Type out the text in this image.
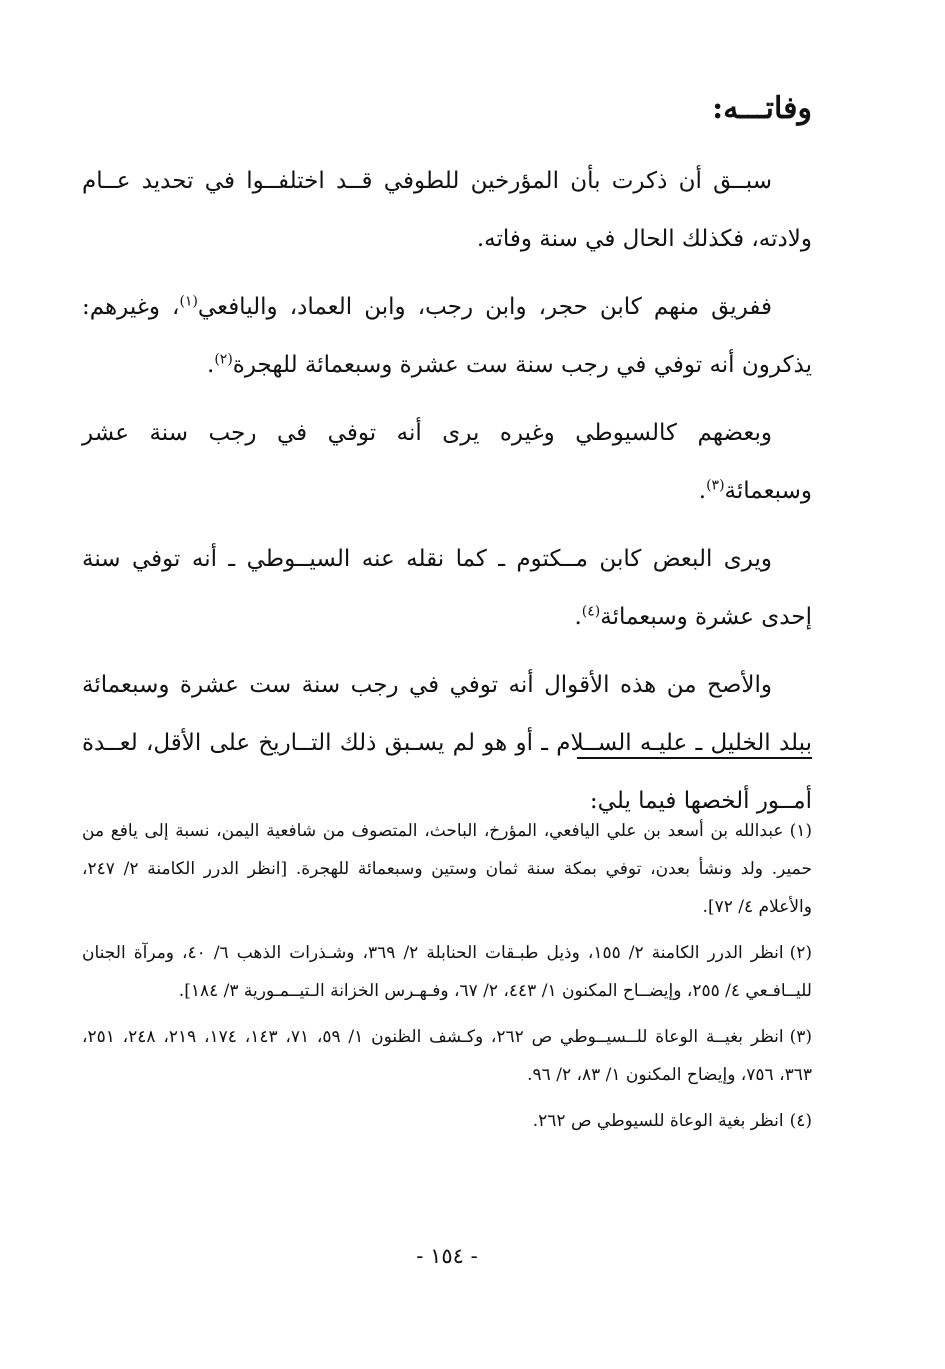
وفاتـــه:

سبــق أن ذكرت بأن المؤرخين للطوفي قــد اختلفــوا في تحديد عــام ولادته، فكذلك الحال في سنة وفاته.

ففريق منهم كابن حجر، وابن رجب، وابن العماد، واليافعي$^{(١)}$، وغيرهم: يذكرون أنه توفي في رجب سنة ست عشرة وسبعمائة للهجرة$^{(٢)}$.

وبعضهم كالسيوطي وغيره يرى أنه توفي في رجب سنة عشر وسبعمائة$^{(٣)}$.

ويرى البعض كابن مــكتوم ـ كما نقله عنه السيــوطي ـ أنه توفي سنة إحدى عشرة وسبعمائة$^{(٤)}$.

والأصح من هذه الأقوال أنه توفي في رجب سنة ست عشرة وسبعمائة ببلد الخليل ـ عليـه الســلام ـ أو هو لم يسـبق ذلك التــاريخ على الأقل، لعــدة أمــور ألخصها فيما يلي:

(١)عبدالله بن أسعد بن علي اليافعي، المؤرخ، الباحث، المتصوف من شافعية اليمن، نسبة إلى يافع من حمير. ولد ونشأ بعدن، توفي بمكة سنة ثمان وستين وسبعمائة للهجرة. [انظر الدرر الكامنة ٢/ ٢٤٧، والأعلام ٤/ ٧٢].

(٢)انظر الدرر الكامنة ٢/ ١٥٥، وذيل طبـقات الحنابلة ٢/ ٣٦٩، وشـذرات الذهب ٦/ ٤٠، ومرآة الجنان لليــافـعي ٤/ ٢٥٥، وإيضــاح المكنون ١/ ٤٤٣، ٢/ ٦٧، وفـهـرس الخزانة الـتيــمـورية ٣/ ١٨٤].

(٣)انظر بغيــة الوعاة للــسيــوطي ص ٢٦٢، وكـشف الظنون ١/ ٥٩، ٧١، ١٤٣، ١٧٤، ٢١٩، ٢٤٨، ٢٥١، ٣٦٣، ٧٥٦، وإيضاح المكنون ١/ ٨٣، ٢/ ٩٦.

(٤)انظر بغية الوعاة للسيوطي ص ٢٦٢.

- ١٥٤ -
